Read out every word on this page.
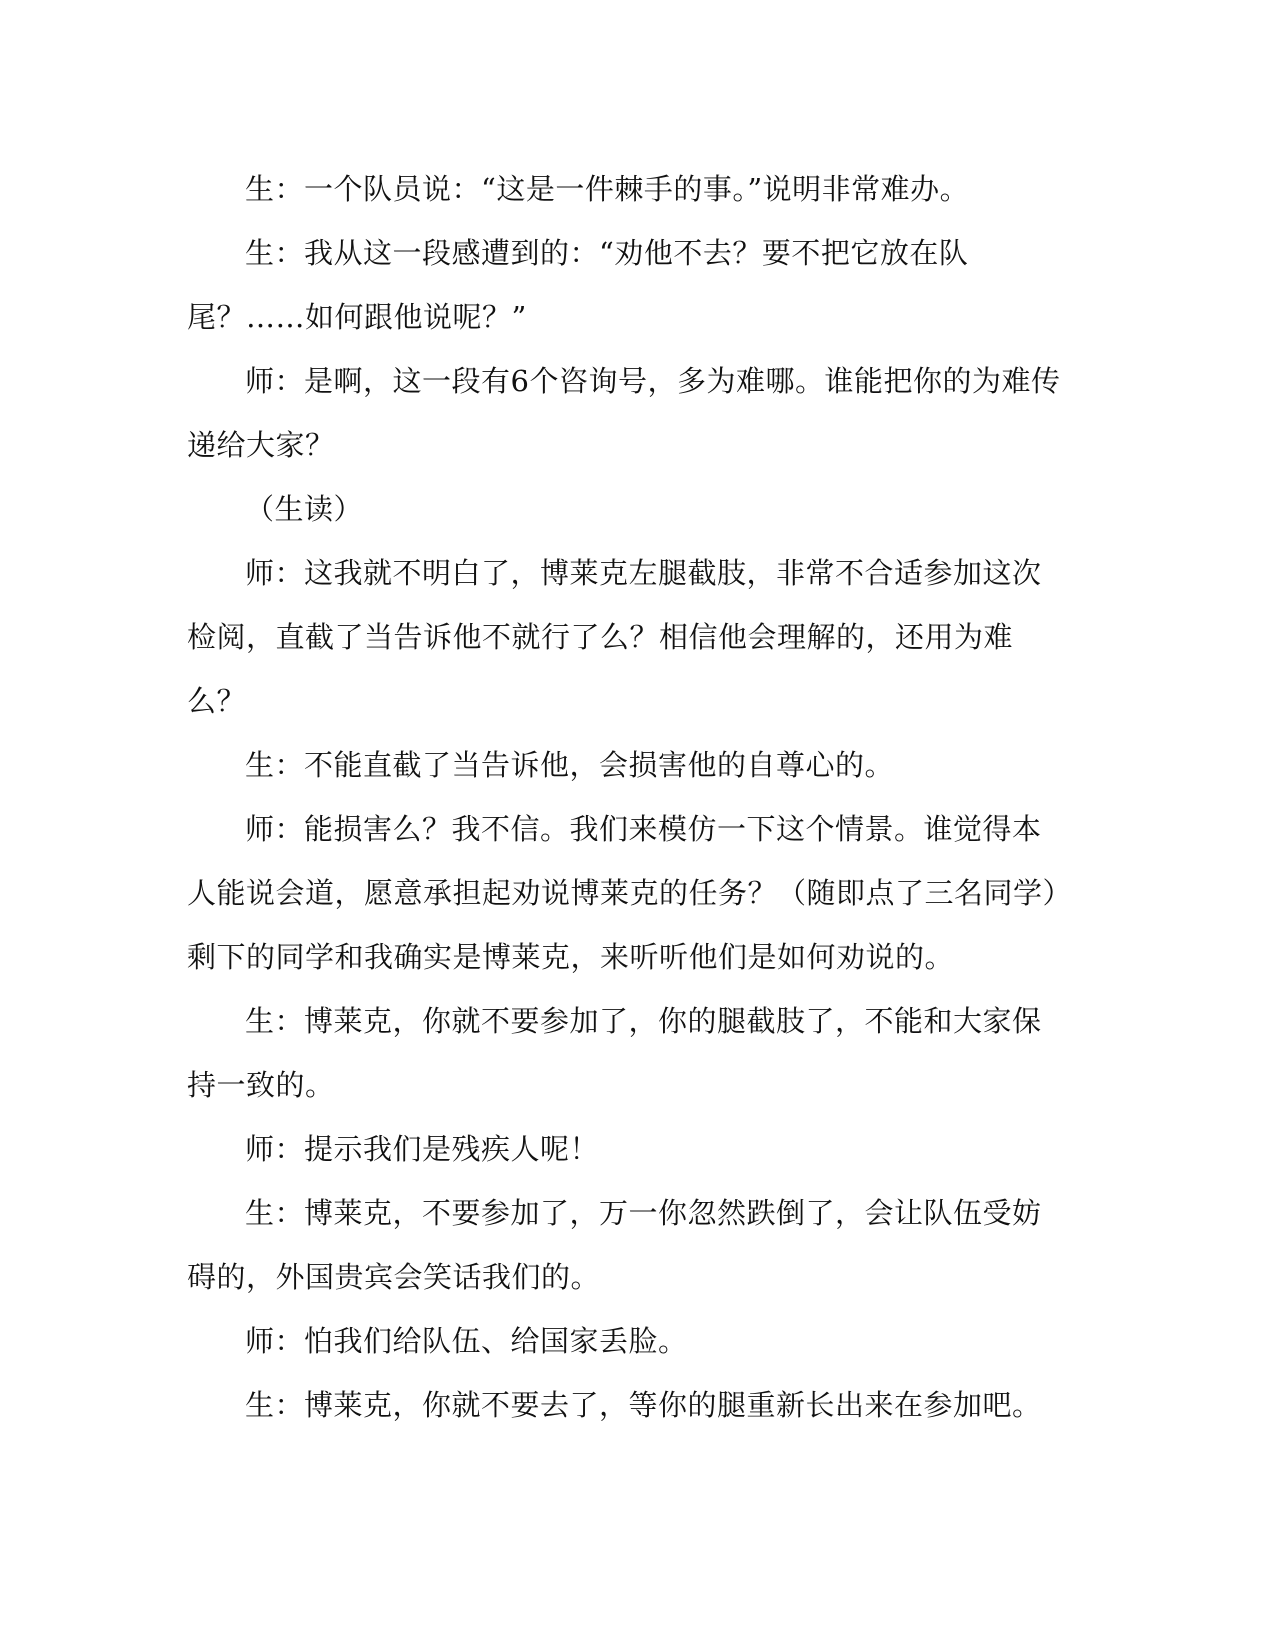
生：一个队员说：“这是一件棘手的事。”说明非常难办。

生：我从这一段感遭到的：“劝他不去？要不把它放在队尾？……如何跟他说呢？”

师：是啊，这一段有6个咨询号，多为难哪。谁能把你的为难传递给大家？

（生读）

师：这我就不明白了，博莱克左腿截肢，非常不合适参加这次检阅，直截了当告诉他不就行了么？相信他会理解的，还用为难么？

生：不能直截了当告诉他，会损害他的自尊心的。

师：能损害么？我不信。我们来模仿一下这个情景。谁觉得本人能说会道，愿意承担起劝说博莱克的任务？（随即点了三名同学）剩下的同学和我确实是博莱克，来听听他们是如何劝说的。

生：博莱克，你就不要参加了，你的腿截肢了，不能和大家保持一致的。

师：提示我们是残疾人呢！

生：博莱克，不要参加了，万一你忽然跌倒了，会让队伍受妨碍的，外国贵宾会笑话我们的。

师：怕我们给队伍、给国家丢脸。

生：博莱克，你就不要去了，等你的腿重新长出来在参加吧。
